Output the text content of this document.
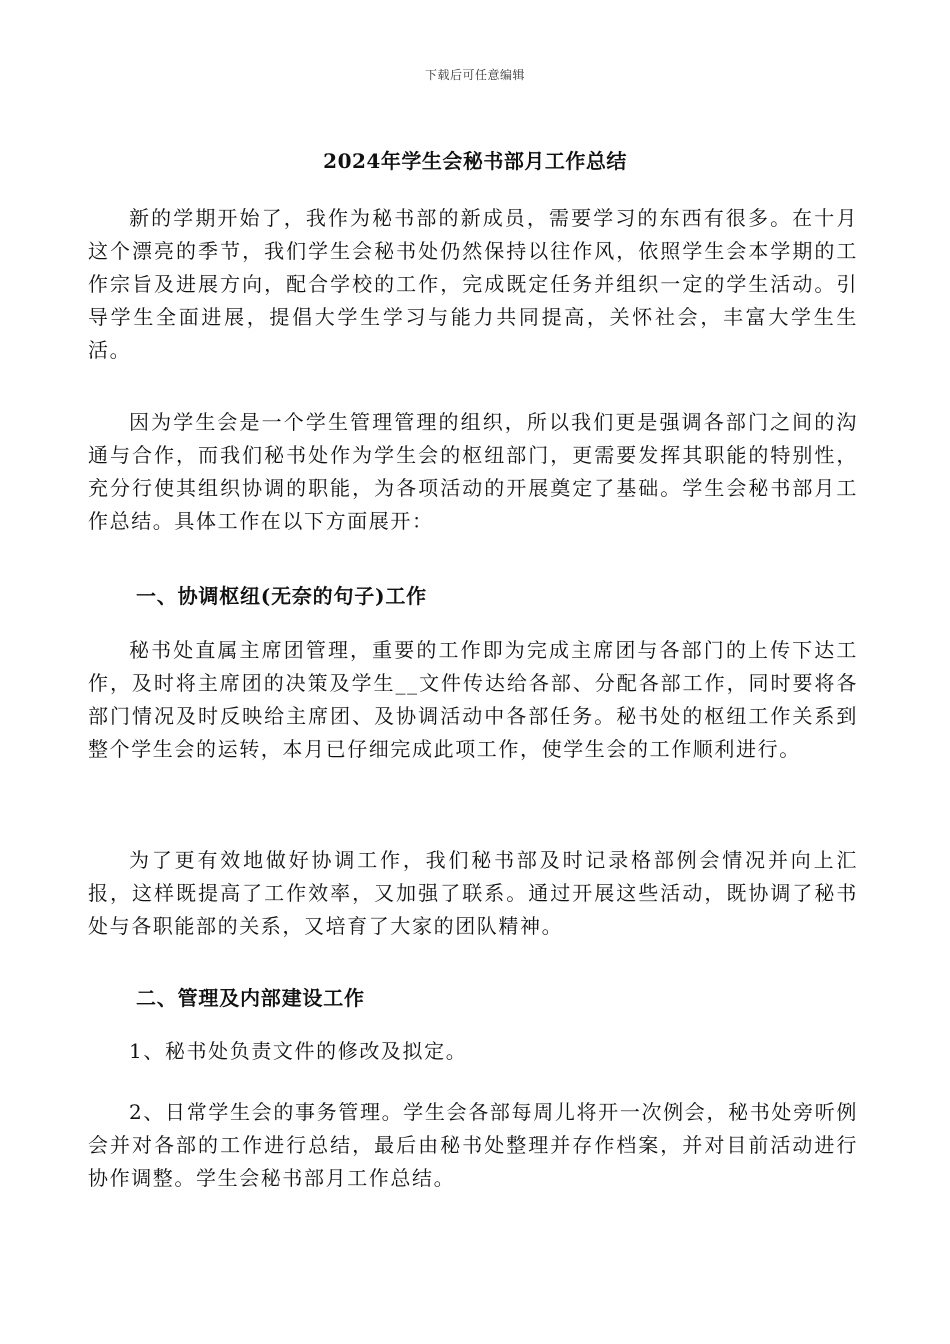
下载后可任意编辑
2024年学生会秘书部月工作总结

新的学期开始了，我作为秘书部的新成员，需要学习的东西有很多。在十月这个漂亮的季节，我们学生会秘书处仍然保持以往作风，依照学生会本学期的工作宗旨及进展方向，配合学校的工作，完成既定任务并组织一定的学生活动。引导学生全面进展，提倡大学生学习与能力共同提高，关怀社会，丰富大学生生活。

因为学生会是一个学生管理管理的组织，所以我们更是强调各部门之间的沟通与合作，而我们秘书处作为学生会的枢纽部门，更需要发挥其职能的特别性，充分行使其组织协调的职能，为各项活动的开展奠定了基础。学生会秘书部月工作总结。具体工作在以下方面展开：

一、协调枢纽(无奈的句子)工作

秘书处直属主席团管理，重要的工作即为完成主席团与各部门的上传下达工作，及时将主席团的决策及学生__文件传达给各部、分配各部工作，同时要将各部门情况及时反映给主席团、及协调活动中各部任务。秘书处的枢纽工作关系到整个学生会的运转，本月已仔细完成此项工作，使学生会的工作顺利进行。

为了更有效地做好协调工作，我们秘书部及时记录格部例会情况并向上汇报，这样既提高了工作效率，又加强了联系。通过开展这些活动，既协调了秘书处与各职能部的关系，又培育了大家的团队精神。

二、管理及内部建设工作

1、秘书处负责文件的修改及拟定。

2、日常学生会的事务管理。学生会各部每周儿将开一次例会，秘书处旁听例会并对各部的工作进行总结，最后由秘书处整理并存作档案，并对目前活动进行协作调整。学生会秘书部月工作总结。
